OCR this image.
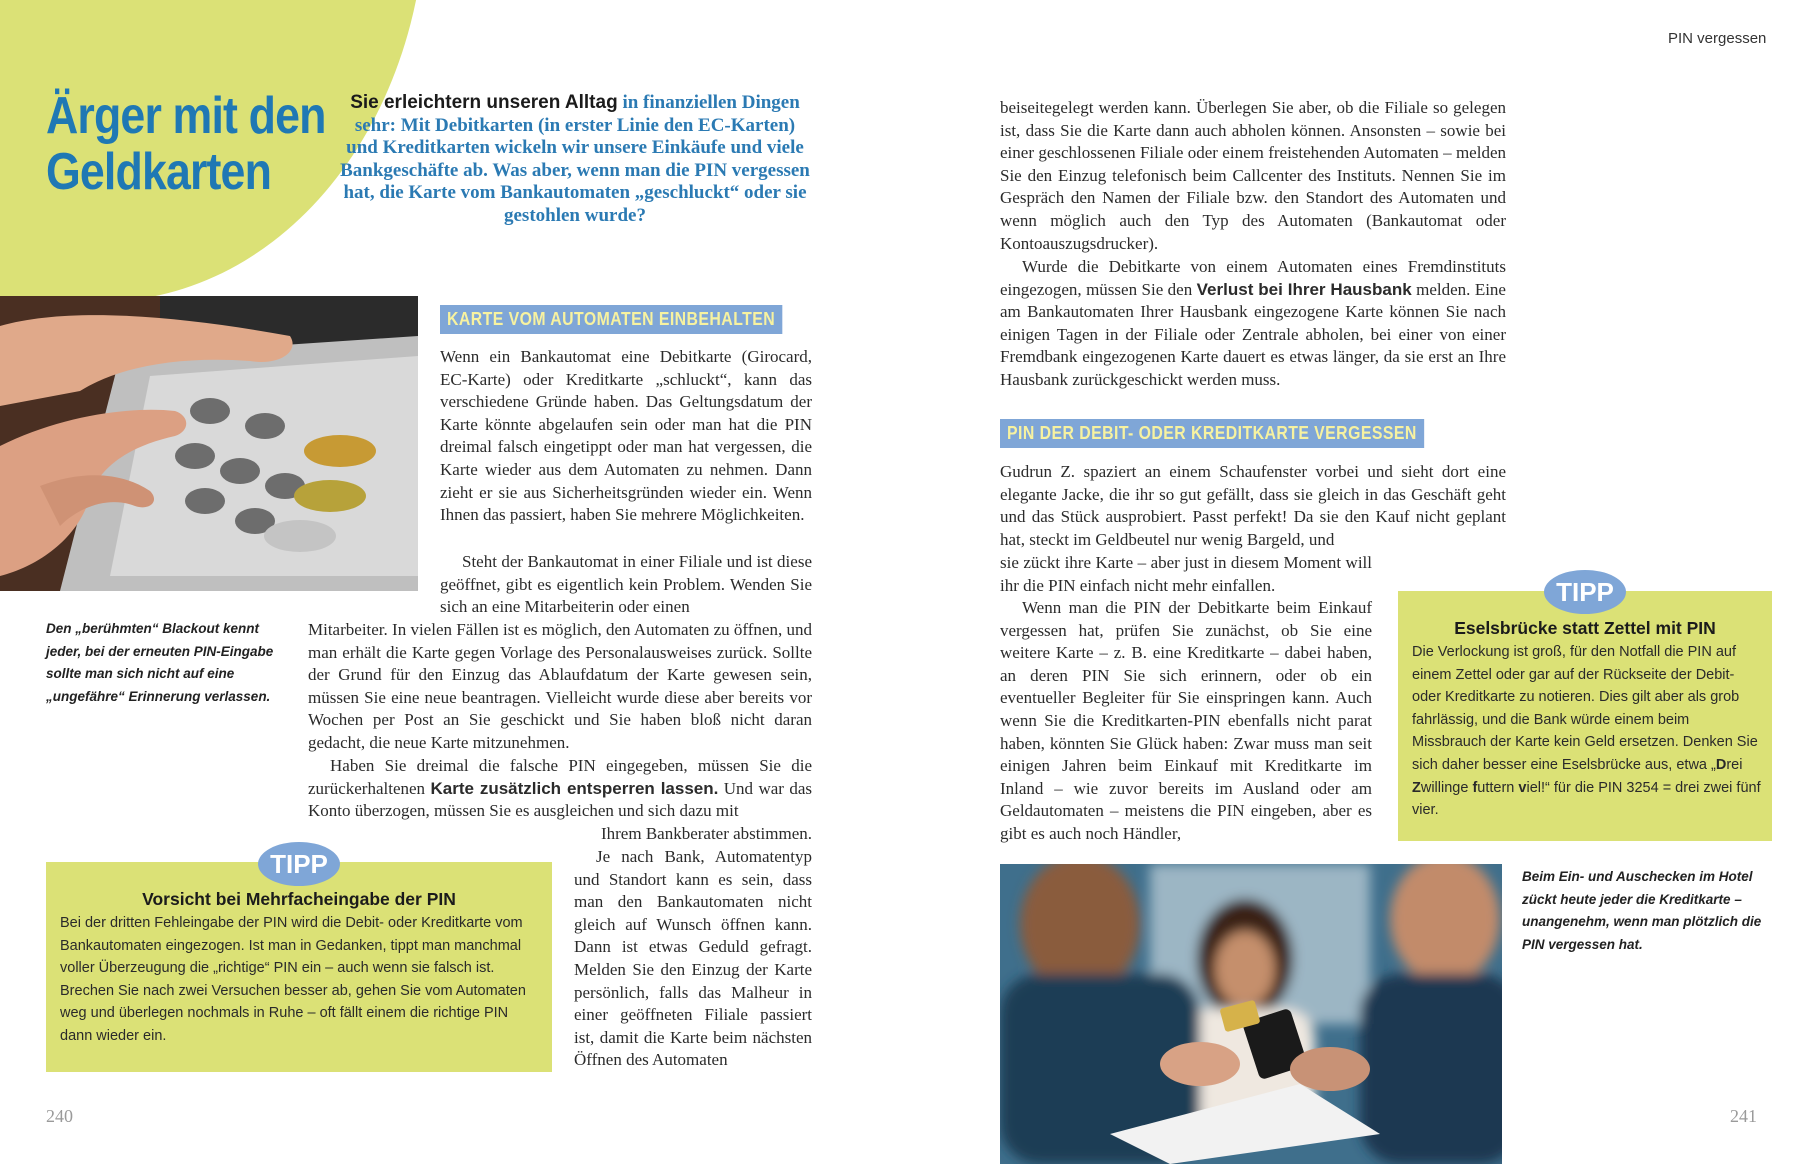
Ärger mit den
Geldkarten
Sie erleichtern unseren Alltag in finanziellen Dingen sehr: Mit Debitkarten (in erster Linie den EC-Karten) und Kreditkarten wickeln wir unsere Einkäufe und viele Bankgeschäfte ab. Was aber, wenn man die PIN vergessen hat, die Karte vom Bankautomaten „geschluckt“ oder sie gestohlen wurde?
Den „berühmten“ Blackout kennt jeder, bei der erneuten PIN-Eingabe sollte man sich nicht auf eine „ungefähre“ Erinnerung verlassen.
KARTE VOM AUTOMATEN EINBEHALTEN
Wenn ein Bankautomat eine Debitkarte (Girocard, EC-Karte) oder Kreditkarte „schluckt“, kann das verschiedene Gründe haben. Das Geltungsdatum der Karte könnte abgelaufen sein oder man hat die PIN dreimal falsch eingetippt oder man hat vergessen, die Karte wieder aus dem Automaten zu nehmen. Dann zieht er sie aus Sicherheitsgründen wieder ein. Wenn Ihnen das passiert, haben Sie mehrere Möglichkeiten.
Steht der Bankautomat in einer Filiale und ist diese geöffnet, gibt es eigentlich kein Problem. Wenden Sie sich an eine Mitarbeiterin oder einen
Mitarbeiter. In vielen Fällen ist es möglich, den Automaten zu öffnen, und man erhält die Karte gegen Vorlage des Personalausweises zurück. Sollte der Grund für den Einzug das Ablaufdatum der Karte gewesen sein, müssen Sie eine neue beantragen. Vielleicht wurde diese aber bereits vor Wochen per Post an Sie geschickt und Sie haben bloß nicht daran gedacht, die neue Karte mitzunehmen.
Haben Sie dreimal die falsche PIN eingegeben, müssen Sie die zurückerhaltenen Karte zusätzlich entsperren lassen. Und war das Konto überzogen, müssen Sie es ausgleichen und sich dazu mit
Ihrem Bankberater abstimmen.
Je nach Bank, Automatentyp und Standort kann es sein, dass man den Bankautomaten nicht gleich auf Wunsch öffnen kann. Dann ist etwas Geduld gefragt. Melden Sie den Einzug der Karte persönlich, falls das Malheur in einer geöffneten Filiale passiert ist, damit die Karte beim nächsten Öffnen des Automaten
Vorsicht bei Mehrfacheingabe der PIN
Bei der dritten Fehleingabe der PIN wird die Debit- oder Kreditkarte vom Bankautomaten eingezogen. Ist man in Gedanken, tippt man manchmal voller Überzeugung die „richtige“ PIN ein – auch wenn sie falsch ist. Brechen Sie nach zwei Versuchen besser ab, gehen Sie vom Automaten weg und überlegen nochmals in Ruhe – oft fällt einem die richtige PIN dann wieder ein.
TIPP
240
PIN vergessen
beiseitegelegt werden kann. Überlegen Sie aber, ob die Filiale so gelegen ist, dass Sie die Karte dann auch abholen können. Ansonsten – sowie bei einer geschlossenen Filiale oder einem freistehenden Automaten – melden Sie den Einzug telefonisch beim Callcenter des Instituts. Nennen Sie im Gespräch den Namen der Filiale bzw. den Standort des Automaten und wenn möglich auch den Typ des Automaten (Bankautomat oder Kontoauszugsdrucker).
Wurde die Debitkarte von einem Automaten eines Fremdinstituts eingezogen, müssen Sie den Verlust bei Ihrer Hausbank melden. Eine am Bankautomaten Ihrer Hausbank eingezogene Karte können Sie nach einigen Tagen in der Filiale oder Zentrale abholen, bei einer von einer Fremdbank eingezogenen Karte dauert es etwas länger, da sie erst an Ihre Hausbank zurückgeschickt werden muss.
PIN DER DEBIT- ODER KREDITKARTE VERGESSEN
Gudrun Z. spaziert an einem Schaufenster vorbei und sieht dort eine elegante Jacke, die ihr so gut gefällt, dass sie gleich in das Geschäft geht und das Stück ausprobiert. Passt perfekt! Da sie den Kauf nicht geplant hat, steckt im Geldbeutel nur wenig Bargeld, und
sie zückt ihre Karte – aber just in diesem Moment will ihr die PIN einfach nicht mehr einfallen.
Wenn man die PIN der Debitkarte beim Einkauf vergessen hat, prüfen Sie zunächst, ob Sie eine weitere Karte – z. B. eine Kreditkarte – dabei haben, an deren PIN Sie sich erinnern, oder ob ein eventueller Begleiter für Sie einspringen kann. Auch wenn Sie die Kreditkarten-PIN ebenfalls nicht parat haben, könnten Sie Glück haben: Zwar muss man seit einigen Jahren beim Einkauf mit Kreditkarte im Inland – wie zuvor bereits im Ausland oder am Geldautomaten – meistens die PIN eingeben, aber es gibt es auch noch Händler,
Eselsbrücke statt Zettel mit PIN
Die Verlockung ist groß, für den Notfall die PIN auf einem Zettel oder gar auf der Rückseite der Debit- oder Kreditkarte zu notieren. Dies gilt aber als grob fahrlässig, und die Bank würde einem beim Missbrauch der Karte kein Geld ersetzen. Denken Sie sich daher besser eine Eselsbrücke aus, etwa „Drei Zwillinge futtern viel!“ für die PIN 3254 = drei zwei fünf vier.
TIPP
Beim Ein- und Auschecken im Hotel zückt heute jeder die Kreditkarte – unangenehm, wenn man plötzlich die PIN vergessen hat.
241
